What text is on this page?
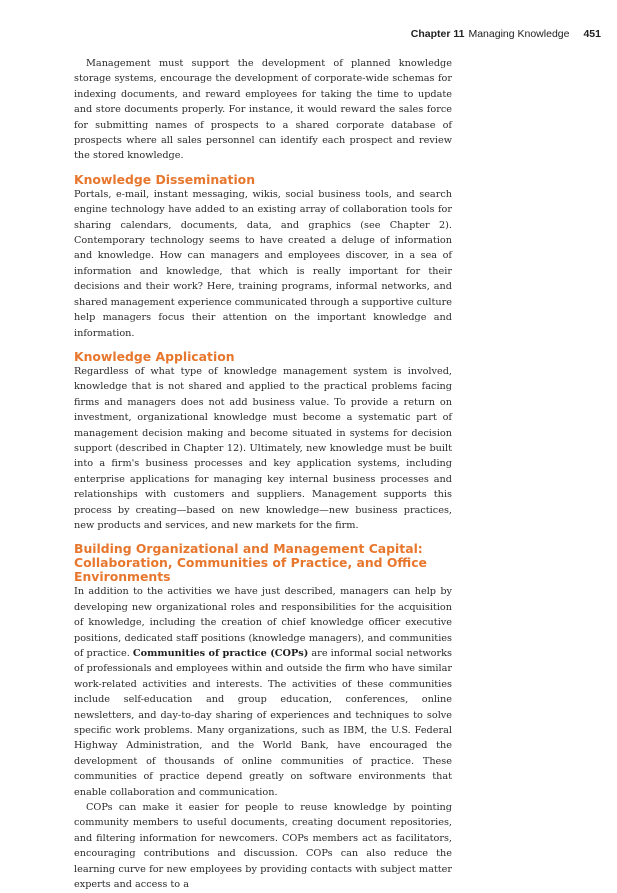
Chapter 11 Managing Knowledge 451

Management must support the development of planned knowledge storage systems, encourage the development of corporate-wide schemas for indexing documents, and reward employees for taking the time to update and store documents properly. For instance, it would reward the sales force for submitting names of prospects to a shared corporate database of prospects where all sales personnel can identify each prospect and review the stored knowledge.

Knowledge Dissemination

Portals, e-mail, instant messaging, wikis, social business tools, and search engine technology have added to an existing array of collaboration tools for sharing calendars, documents, data, and graphics (see Chapter 2). Contemporary technology seems to have created a deluge of information and knowledge. How can managers and employees discover, in a sea of information and knowledge, that which is really important for their decisions and their work? Here, training programs, informal networks, and shared management experience communicated through a supportive culture help managers focus their attention on the important knowledge and information.

Knowledge Application

Regardless of what type of knowledge management system is involved, knowledge that is not shared and applied to the practical problems facing firms and managers does not add business value. To provide a return on investment, organizational knowledge must become a systematic part of management decision making and become situated in systems for decision support (described in Chapter 12). Ultimately, new knowledge must be built into a firm's business processes and key application systems, including enterprise applications for managing key internal business processes and relationships with customers and suppliers. Management supports this process by creating—based on new knowledge—new business practices, new products and services, and new markets for the firm.

Building Organizational and Management Capital: Collaboration, Communities of Practice, and Office Environments

In addition to the activities we have just described, managers can help by developing new organizational roles and responsibilities for the acquisition of knowledge, including the creation of chief knowledge officer executive positions, dedicated staff positions (knowledge managers), and communities of practice. Communities of practice (COPs) are informal social networks of professionals and employees within and outside the firm who have similar work-related activities and interests. The activities of these communities include self-education and group education, conferences, online newsletters, and day-to-day sharing of experiences and techniques to solve specific work problems. Many organizations, such as IBM, the U.S. Federal Highway Administration, and the World Bank, have encouraged the development of thousands of online communities of practice. These communities of practice depend greatly on software environments that enable collaboration and communication.

COPs can make it easier for people to reuse knowledge by pointing community members to useful documents, creating document repositories, and filtering information for newcomers. COPs members act as facilitators, encouraging contributions and discussion. COPs can also reduce the learning curve for new employees by providing contacts with subject matter experts and access to a
